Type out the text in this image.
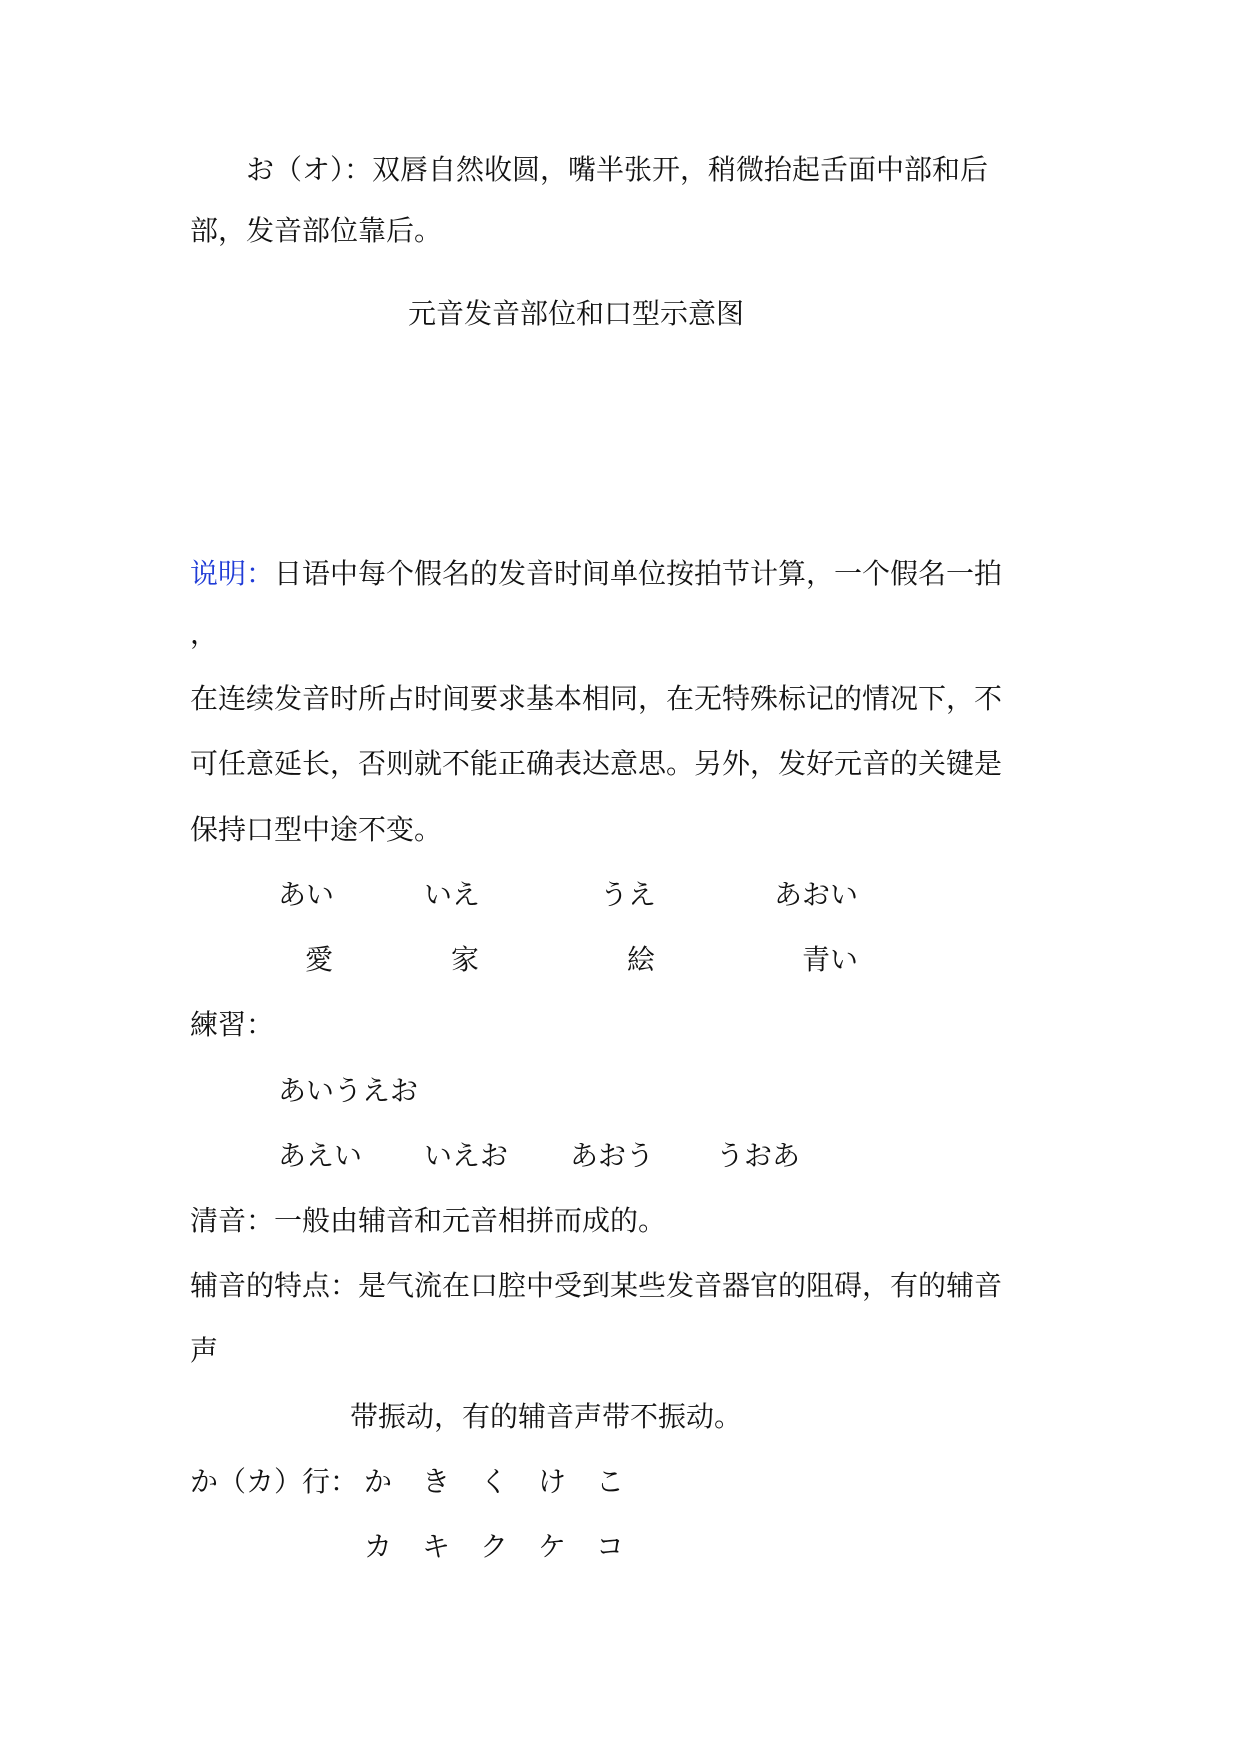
お（オ）：双唇自然收圆，嘴半张开，稍微抬起舌面中部和后
部，发音部位靠后。
元音发音部位和口型示意图
说明：日语中每个假名的发音时间单位按拍节计算，一个假名一拍
，
在连续发音时所占时间要求基本相同，在无特殊标记的情况下，不
可任意延长，否则就不能正确表达意思。另外，发好元音的关键是
保持口型中途不变。
あい	いえ	うえ	あおい
愛	家	絵	青い
練習：
あいうえお
あえい いえお あおう うおあ
清音：一般由辅音和元音相拼而成的。
辅音的特点：是气流在口腔中受到某些发音器官的阻碍，有的辅音
声
带振动，有的辅音声带不振动。
か（カ）行： か き く け こ
カ キ ク ケ コ
